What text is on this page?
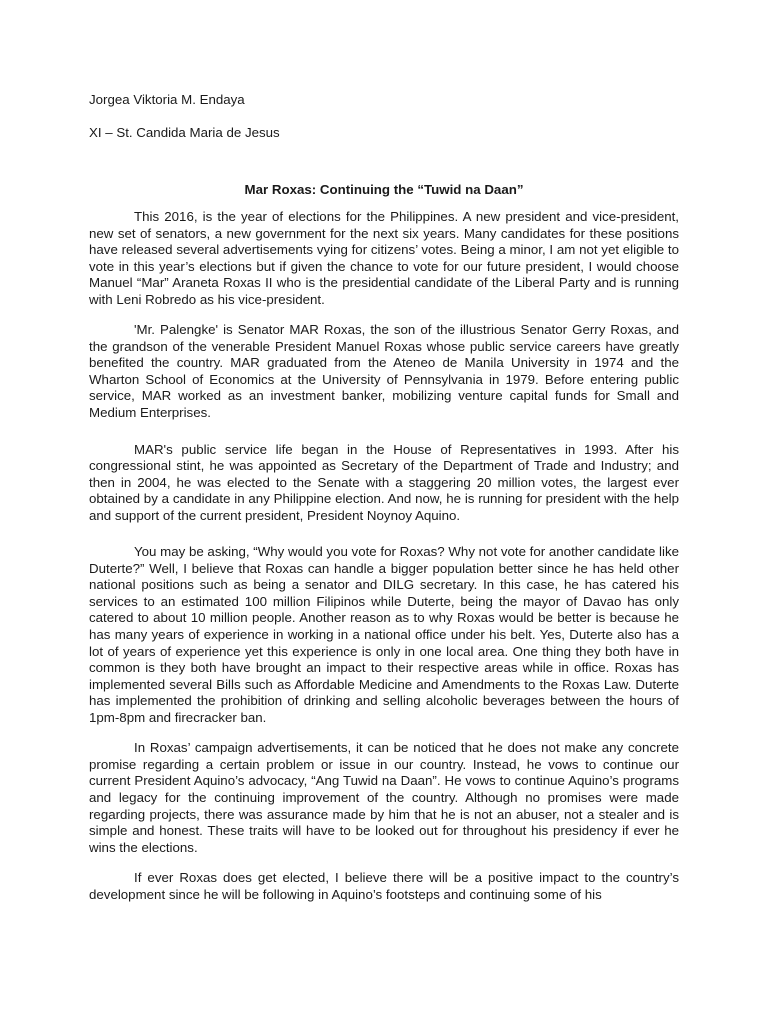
Jorgea Viktoria M. Endaya

XI – St. Candida Maria de Jesus

Mar Roxas: Continuing the “Tuwid na Daan”

This 2016, is the year of elections for the Philippines. A new president and vice-president, new set of senators, a new government for the next six years. Many candidates for these positions have released several advertisements vying for citizens’ votes. Being a minor, I am not yet eligible to vote in this year’s elections but if given the chance to vote for our future president, I would choose Manuel “Mar” Araneta Roxas II who is the presidential candidate of the Liberal Party and is running with Leni Robredo as his vice-president.

'Mr. Palengke' is Senator MAR Roxas, the son of the illustrious Senator Gerry Roxas, and the grandson of the venerable President Manuel Roxas whose public service careers have greatly benefited the country. MAR graduated from the Ateneo de Manila University in 1974 and the Wharton School of Economics at the University of Pennsylvania in 1979. Before entering public service, MAR worked as an investment banker, mobilizing venture capital funds for Small and Medium Enterprises.

MAR's public service life began in the House of Representatives in 1993. After his congressional stint, he was appointed as Secretary of the Department of Trade and Industry; and then in 2004, he was elected to the Senate with a staggering 20 million votes, the largest ever obtained by a candidate in any Philippine election. And now, he is running for president with the help and support of the current president, President Noynoy Aquino.

You may be asking, “Why would you vote for Roxas? Why not vote for another candidate like Duterte?” Well, I believe that Roxas can handle a bigger population better since he has held other national positions such as being a senator and DILG secretary. In this case, he has catered his services to an estimated 100 million Filipinos while Duterte, being the mayor of Davao has only catered to about 10 million people. Another reason as to why Roxas would be better is because he has many years of experience in working in a national office under his belt. Yes, Duterte also has a lot of years of experience yet this experience is only in one local area. One thing they both have in common is they both have brought an impact to their respective areas while in office. Roxas has implemented several Bills such as Affordable Medicine and Amendments to the Roxas Law. Duterte has implemented the prohibition of drinking and selling alcoholic beverages between the hours of 1pm-8pm and firecracker ban.

In Roxas’ campaign advertisements, it can be noticed that he does not make any concrete promise regarding a certain problem or issue in our country. Instead, he vows to continue our current President Aquino’s advocacy, “Ang Tuwid na Daan”. He vows to continue Aquino’s programs and legacy for the continuing improvement of the country. Although no promises were made regarding projects, there was assurance made by him that he is not an abuser, not a stealer and is simple and honest. These traits will have to be looked out for throughout his presidency if ever he wins the elections.

If ever Roxas does get elected, I believe there will be a positive impact to the country’s development since he will be following in Aquino’s footsteps and continuing some of his
